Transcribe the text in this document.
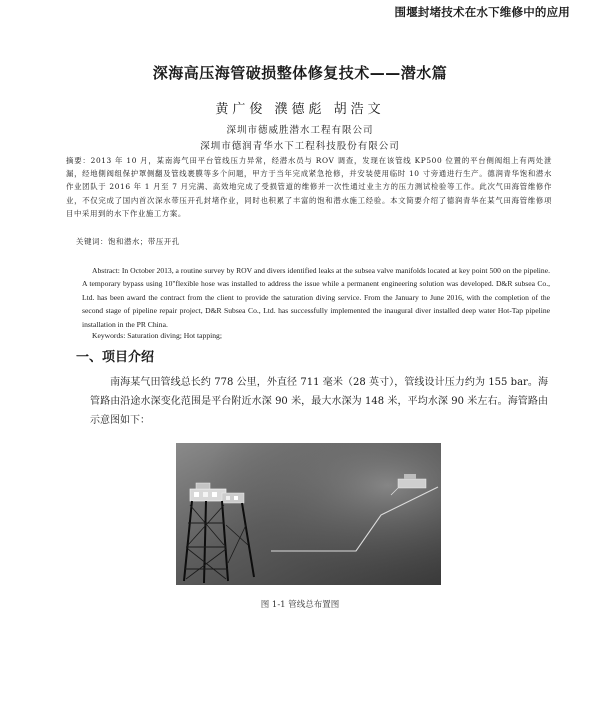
围堰封堵技术在水下维修中的应用
深海高压海管破损整体修复技术——潜水篇
黄广俊 濮德彪 胡浩文
深圳市德威胜潜水工程有限公司
深圳市德润青华水下工程科技股份有限公司
摘要：2013 年 10 月，某南海气田平台管线压力异常，经潜水员与 ROV 调查，发现在该管线 KP500 位置的平台侧阀组上有两处泄漏，经地側阀组保护罩侧翻及管线裹膜等多个问题，甲方于当年完成紧急抢修，并安装使用临时 10 寸旁通进行生产。德润青华饱和潜水作业团队于 2016 年 1 月至 7 月完满、高效地完成了受损管道的维修并一次性通过业主方的压力测试检验等工作。此次气田海管维修作业，不仅完成了国内首次深水带压开孔封堵作业，同时也积累了丰富的饱和潜水施工经验。本文简要介绍了德润青华在某气田海管维修项目中采用到的水下作业施工方案。
关键词：饱和潜水；带压开孔
Abstract: In October 2013, a routine survey by ROV and divers identified leaks at the subsea valve manifolds located at key point 500 on the pipeline. A temporary bypass using 10"flexible hose was installed to address the issue while a permanent engineering solution was developed. D&R subsea Co., Ltd. has been award the contract from the client to provide the saturation diving service. From the January to June 2016, with the completion of the second stage of pipeline repair project, D&R Subsea Co., Ltd. has successfully implemented the inaugural diver installed deep water Hot-Tap pipeline installation in the PR China.
Keywords: Saturation diving; Hot tapping;
一、项目介绍
南海某气田管线总长约 778 公里，外直径 711 毫米（28 英寸），管线设计压力约为 155 bar。海管路由沿途水深变化范围是平台附近水深 90 米，最大水深为 148 米，平均水深 90 米左右。海管路由示意图如下：
图 1-1 管线总布置图
